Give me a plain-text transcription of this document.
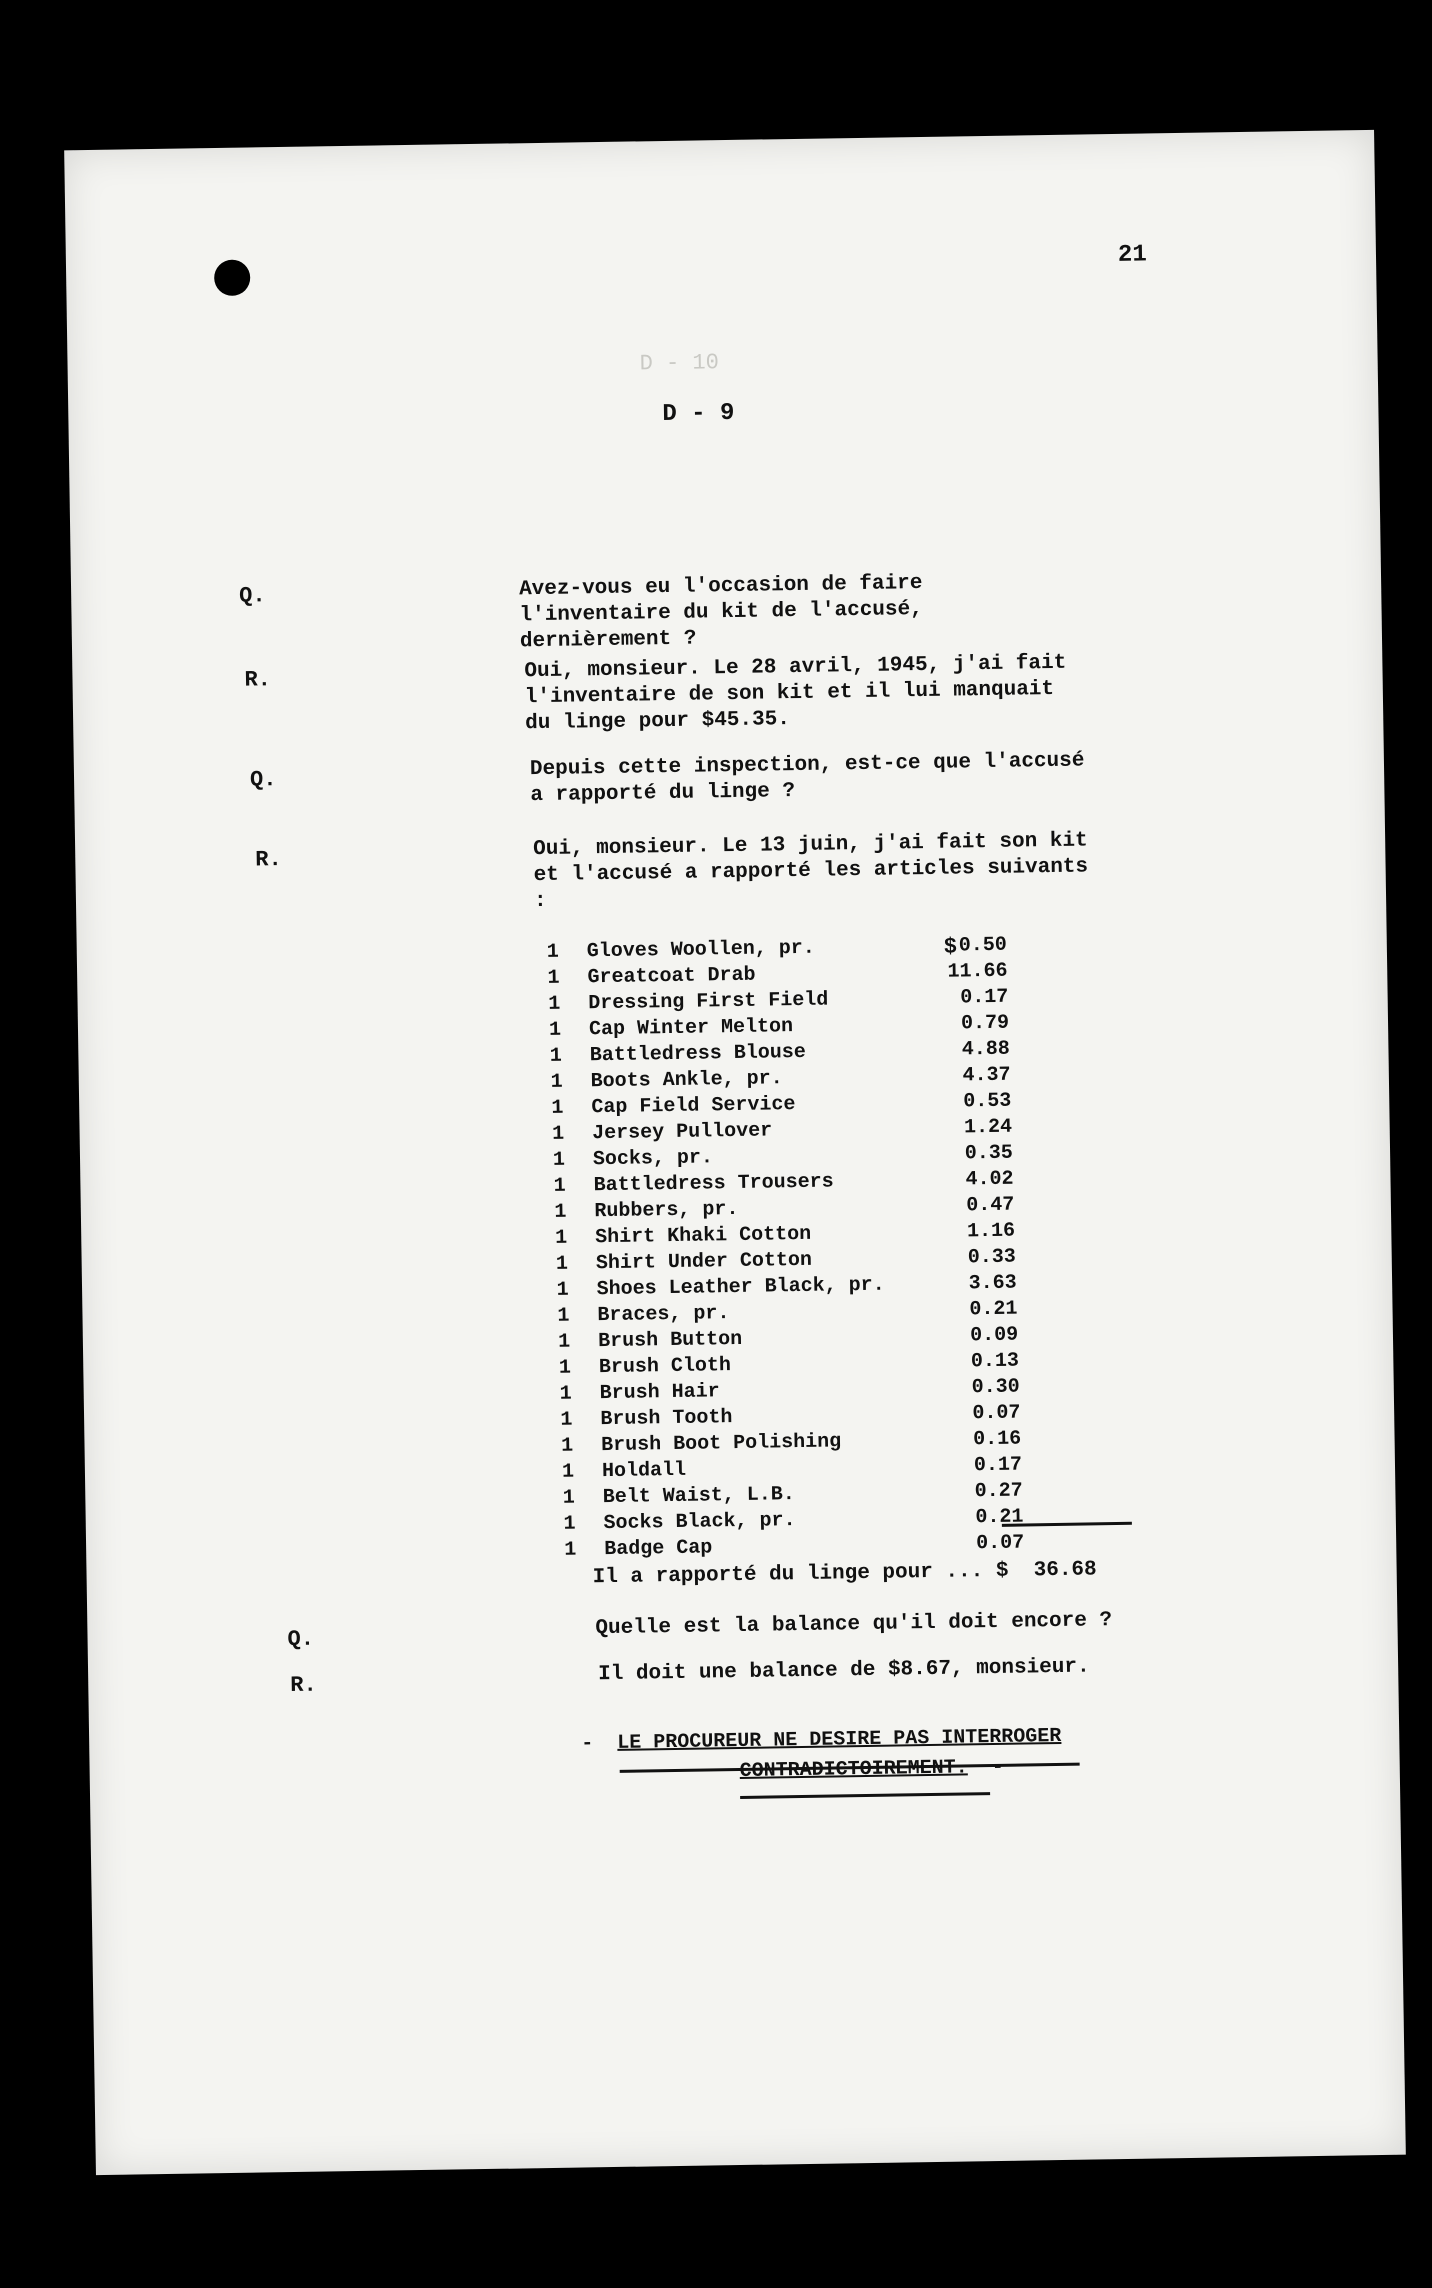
21
D - 10
D - 9
Q.	Avez-vous eu l'occasion de faire l'inventaire du kit de l'accusé, dernièrement ?
R.	Oui, monsieur. Le 28 avril, 1945, j'ai fait l'inventaire de son kit et il lui manquait du linge pour $45.35.
Q.	Depuis cette inspection, est-ce que l'accusé a rapporté du linge ?
R.	Oui, monsieur. Le 13 juin, j'ai fait son kit et l'accusé a rapporté les articles suivants :
$
1 Gloves Woollen, pr.	0.50
1 Greatcoat Drab	11.66
1 Dressing First Field	0.17
1 Cap Winter Melton	0.79
1 Battledress Blouse	4.88
1 Boots Ankle, pr.	4.37
1 Cap Field Service	0.53
1 Jersey Pullover	1.24
1 Socks, pr.	0.35
1 Battledress Trousers	4.02
1 Rubbers, pr.	0.47
1 Shirt Khaki Cotton	1.16
1 Shirt Under Cotton	0.33
1 Shoes Leather Black, pr.	3.63
1 Braces, pr.	0.21
1 Brush Button	0.09
1 Brush Cloth	0.13
1 Brush Hair	0.30
1 Brush Tooth	0.07
1 Brush Boot Polishing	0.16
1 Holdall	0.17
1 Belt Waist, L.B.	0.27
1 Socks Black, pr.	0.21
1 Badge Cap	0.07
Il a rapporté du linge pour ... $  36.68
Q.	Quelle est la balance qu'il doit encore ?
R.	Il doit une balance de $8.67, monsieur.
- LE PROCUREUR NE DESIRE PAS INTERROGER
CONTRADICTOIREMENT. -
